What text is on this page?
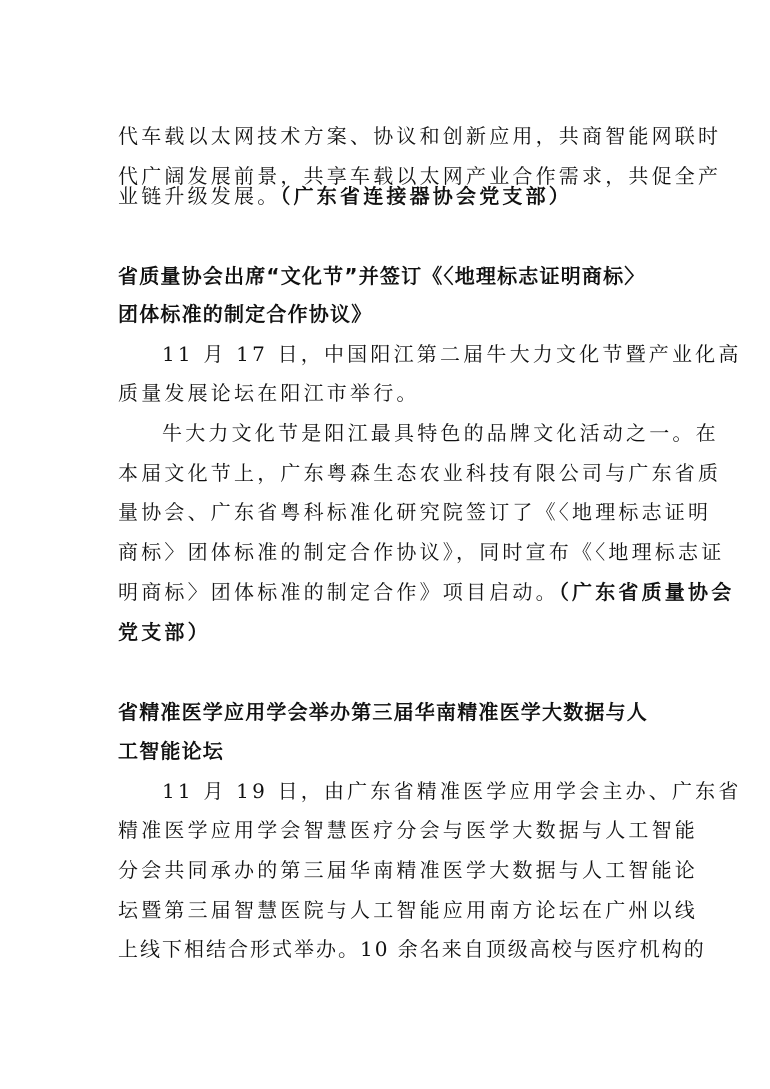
代车载以太网技术方案、协议和创新应用，共商智能网联时
代广阔发展前景，共享车载以太网产业合作需求，共促全产
业链升级发展。（广东省连接器协会党支部）
省质量协会出席“文化节”并签订《〈地理标志证明商标〉
团体标准的制定合作协议》
11 月 17 日，中国阳江第二届牛大力文化节暨产业化高
质量发展论坛在阳江市举行。
牛大力文化节是阳江最具特色的品牌文化活动之一。在
本届文化节上，广东粤森生态农业科技有限公司与广东省质
量协会、广东省粤科标准化研究院签订了《〈地理标志证明
商标〉团体标准的制定合作协议》，同时宣布《〈地理标志证
明商标〉团体标准的制定合作》项目启动。（广东省质量协会
党支部）
省精准医学应用学会举办第三届华南精准医学大数据与人
工智能论坛
11 月 19 日，由广东省精准医学应用学会主办、广东省
精准医学应用学会智慧医疗分会与医学大数据与人工智能
分会共同承办的第三届华南精准医学大数据与人工智能论
坛暨第三届智慧医院与人工智能应用南方论坛在广州以线
上线下相结合形式举办。10 余名来自顶级高校与医疗机构的
